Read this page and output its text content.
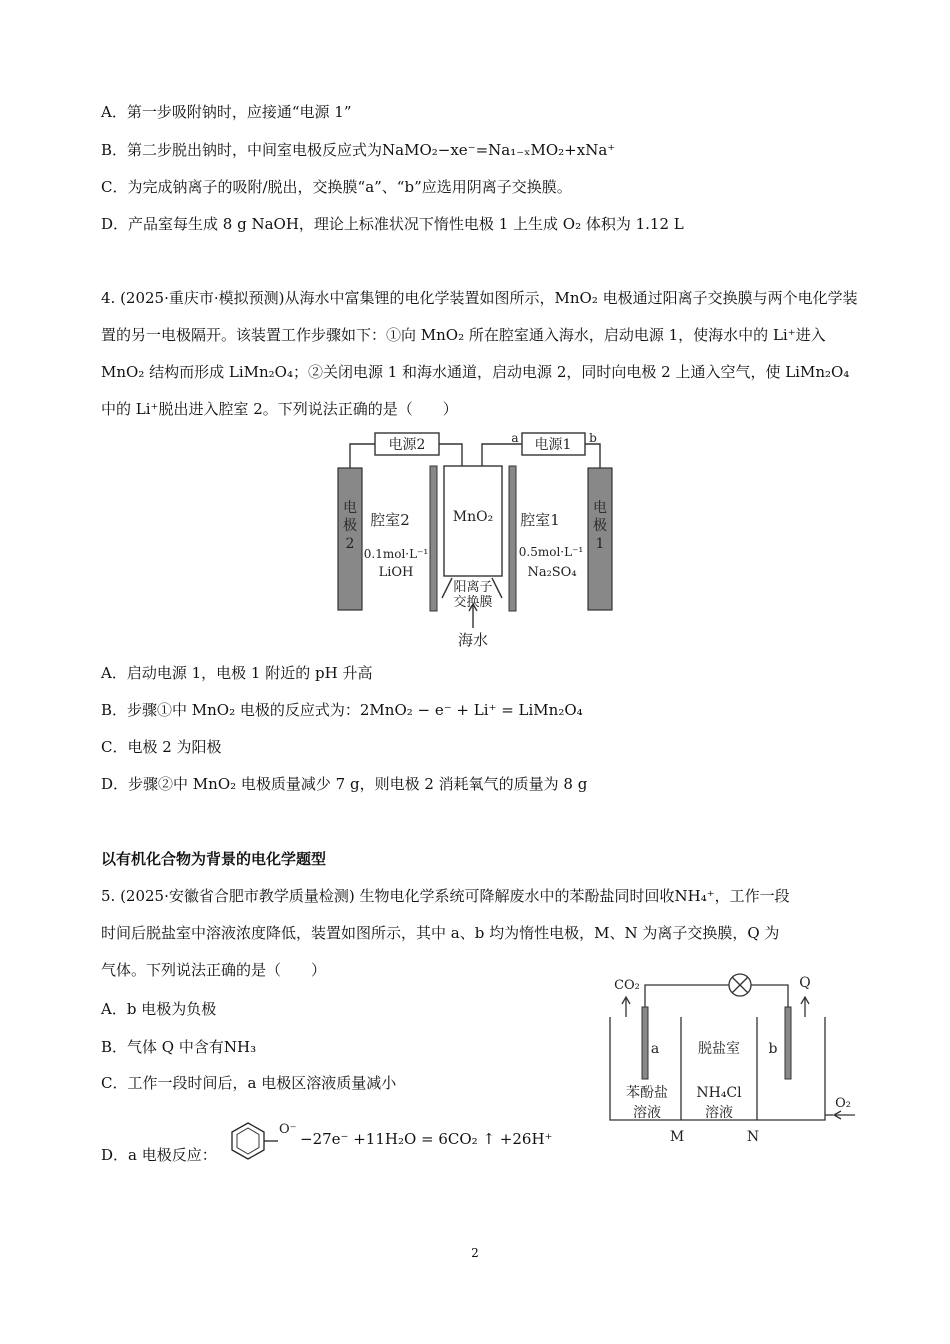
A．第一步吸附钠时，应接通“电源 1”
B．第二步脱出钠时，中间室电极反应式为NaMO₂−xe⁻=Na₁₋ₓMO₂+xNa⁺
C．为完成钠离子的吸附/脱出，交换膜“a”、“b”应选用阴离子交换膜。
D．产品室每生成 8 g NaOH，理论上标准状况下惰性电极 1 上生成 O₂ 体积为 1.12 L
4. (2025·重庆市·模拟预测)从海水中富集锂的电化学装置如图所示，MnO₂ 电极通过阳离子交换膜与两个电化学装置的另一电极隔开。该装置工作步骤如下：①向 MnO₂ 所在腔室通入海水，启动电源 1，使海水中的 Li⁺进入 MnO₂ 结构而形成 LiMn₂O₄；②关闭电源 1 和海水通道，启动电源 2，同时向电极 2 上通入空气，使 LiMn₂O₄ 中的 Li⁺脱出进入腔室 2。下列说法正确的是（　　）
电源2	电源1
a	b
电
极
2
电
极
1
腔室2	腔室1
MnO₂
0.1mol·L⁻¹
LiOH
0.5mol·L⁻¹
Na₂SO₄
阳离子
交换膜
海水
A．启动电源 1，电极 1 附近的 pH 升高
B．步骤①中 MnO₂ 电极的反应式为：2MnO₂ − e⁻ + Li⁺ = LiMn₂O₄
C．电极 2 为阳极
D．步骤②中 MnO₂ 电极质量减少 7 g，则电极 2 消耗氧气的质量为 8 g
以有机化合物为背景的电化学题型
5. (2025·安徽省合肥市教学质量检测) 生物电化学系统可降解废水中的苯酚盐同时回收NH₄⁺，工作一段
时间后脱盐室中溶液浓度降低，装置如图所示，其中 a、b 均为惰性电极，M、N 为离子交换膜，Q 为
气体。下列说法正确的是（　　）
A．b 电极为负极
B．气体 Q 中含有NH₃
C．工作一段时间后，a 电极区溶液质量减小
D．a 电极反应：
O⁻
−27e⁻ +11H₂O = 6CO₂ ↑ +26H⁺
CO₂	Q
a	b
脱盐室
苯酚盐
溶液
NH₄Cl
溶液
M	N
O₂
2
